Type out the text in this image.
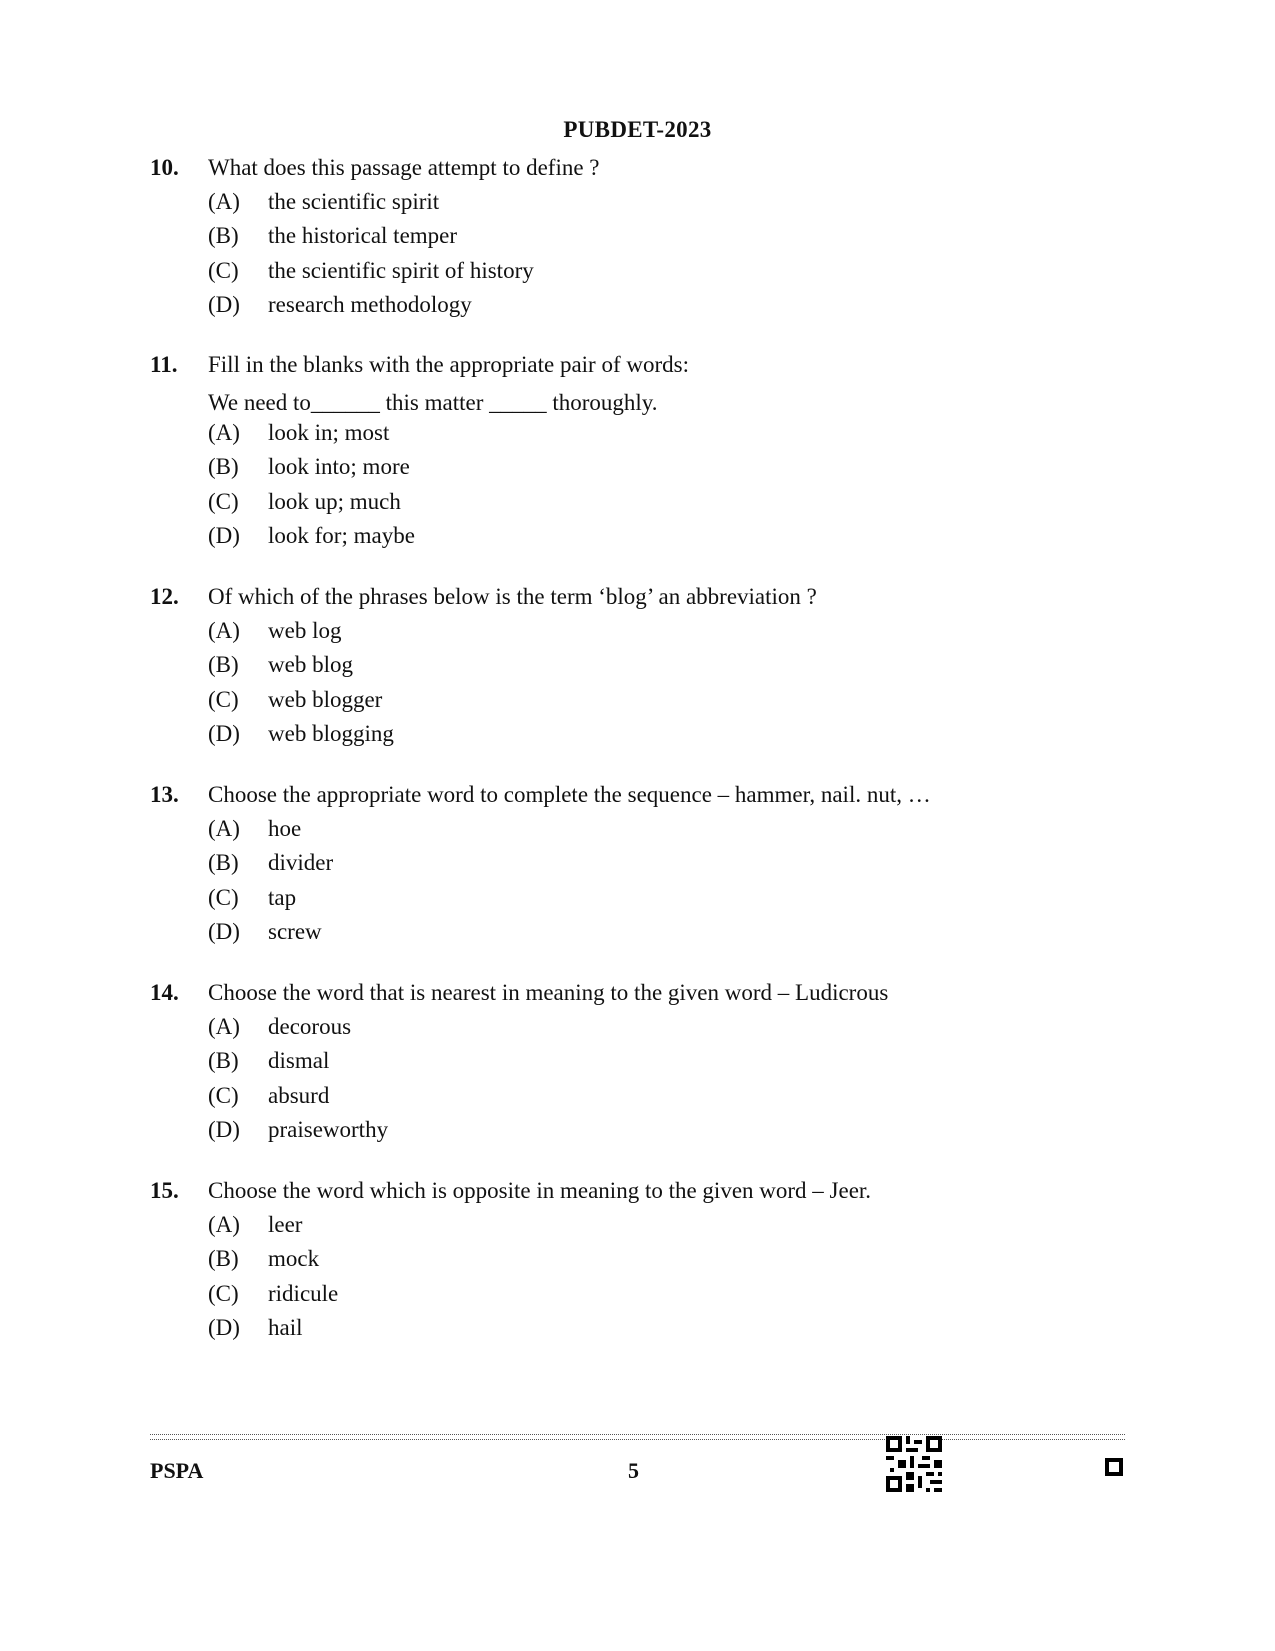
PUBDET-2023
10.	What does this passage attempt to define ?
(A)	the scientific spirit
(B)	the historical temper
(C)	the scientific spirit of history
(D)	research methodology
11.	Fill in the blanks with the appropriate pair of words:
We need to______ this matter _____ thoroughly.
(A)	look in; most
(B)	look into; more
(C)	look up; much
(D)	look for; maybe
12.	Of which of the phrases below is the term ‘blog’ an abbreviation ?
(A)	web log
(B)	web blog
(C)	web blogger
(D)	web blogging
13.	Choose the appropriate word to complete the sequence – hammer, nail. nut, …
(A)	hoe
(B)	divider
(C)	tap
(D)	screw
14.	Choose the word that is nearest in meaning to the given word – Ludicrous
(A)	decorous
(B)	dismal
(C)	absurd
(D)	praiseworthy
15.	Choose the word which is opposite in meaning to the given word – Jeer.
(A)	leer
(B)	mock
(C)	ridicule
(D)	hail
PSPA	5
